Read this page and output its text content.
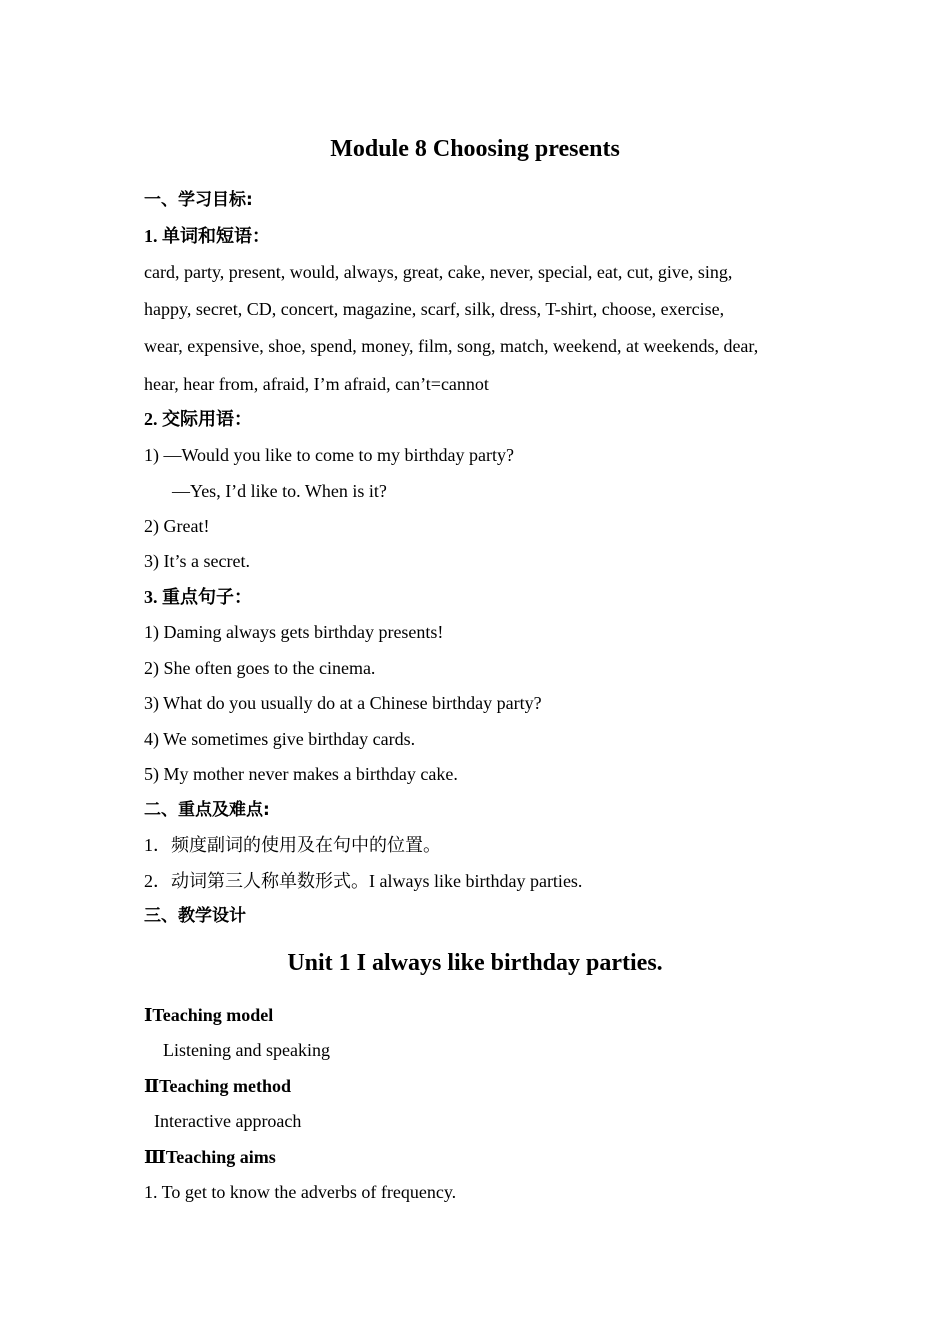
Module 8 Choosing presents
一、学习目标:
1. 单词和短语：
card, party, present, would, always, great, cake, never, special, eat, cut, give, sing,
happy, secret, CD, concert, magazine, scarf, silk, dress, T-shirt, choose, exercise,
wear, expensive, shoe, spend, money, film, song, match, weekend, at weekends, dear,
hear, hear from, afraid, I’m afraid, can’t=cannot
2. 交际用语：
1) —Would you like to come to my birthday party?
—Yes, I’d like to. When is it?
2) Great!
3) It’s a secret.
3. 重点句子：
1) Daming always gets birthday presents!
2) She often goes to the cinema.
3) What do you usually do at a Chinese birthday party?
4) We sometimes give birthday cards.
5) My mother never makes a birthday cake.
二、重点及难点:
1．频度副词的使用及在句中的位置。
2．动词第三人称单数形式。I always like birthday parties.
三、教学设计
Unit 1 I always like birthday parties.
ⅠTeaching model
Listening and speaking
ⅡTeaching method
Interactive approach
ⅢTeaching aims
1. To get to know the adverbs of frequency.
